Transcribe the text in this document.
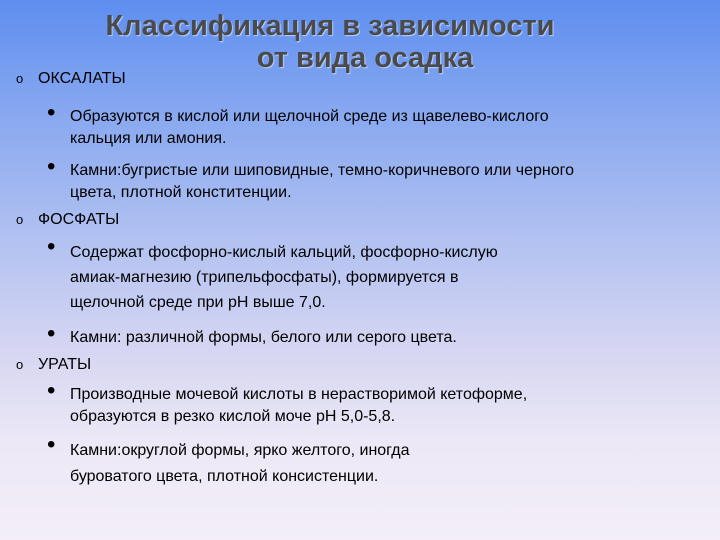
Классификация в зависимости
от вида осадка
o ОКСАЛАТЫ
• Образуются в кислой или щелочной среде из щавелево-кислого
кальция или амония.
• Камни:бугристые или шиповидные, темно-коричневого или черного
цвета, плотной конститенции.
o ФОСФАТЫ
• Содержат фосфорно-кислый кальций, фосфорно-кислую
амиак-магнезию (трипельфосфаты), формируется в
щелочной среде при рН выше 7,0.
• Камни: различной формы, белого или серого цвета.
o УРАТЫ
• Производные мочевой кислоты в нерастворимой кетоформе,
образуются в резко кислой моче рН 5,0-5,8.
• Камни:округлой формы, ярко желтого, иногда
буроватого цвета, плотной консистенции.
